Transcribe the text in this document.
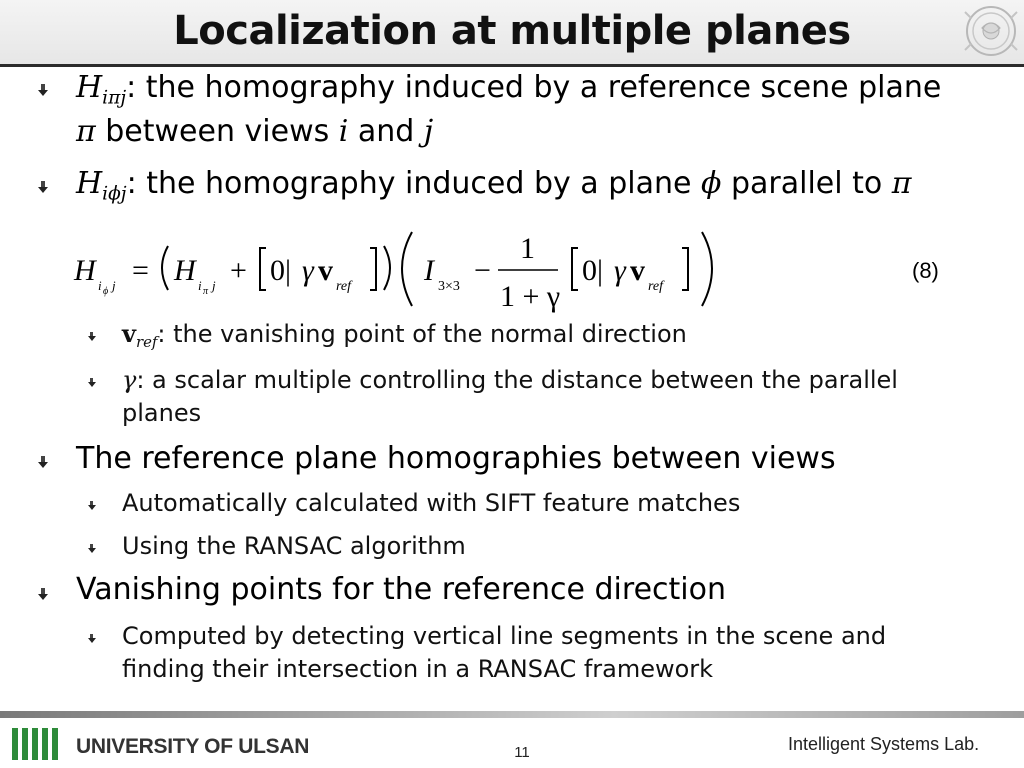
Localization at multiple planes
$H_{i\pi j}$: the homography induced by a reference scene plane
π between views i and j
$H_{i\phi j}$: the homography induced by a plane ϕ parallel to π
H i ϕ j = H i π j + 0| γ v ref I 3×3 −
1
1 + γ
0| γ v ref
(8)
$v_{ref}$: the vanishing point of the normal direction
γ: a scalar multiple controlling the distance between the parallel
planes
The reference plane homographies between views
Automatically calculated with SIFT feature matches
Using the RANSAC algorithm
Vanishing points for the reference direction
Computed by detecting vertical line segments in the scene and
finding their intersection in a RANSAC framework
UNIVERSITY OF ULSAN	11	Intelligent Systems Lab.
